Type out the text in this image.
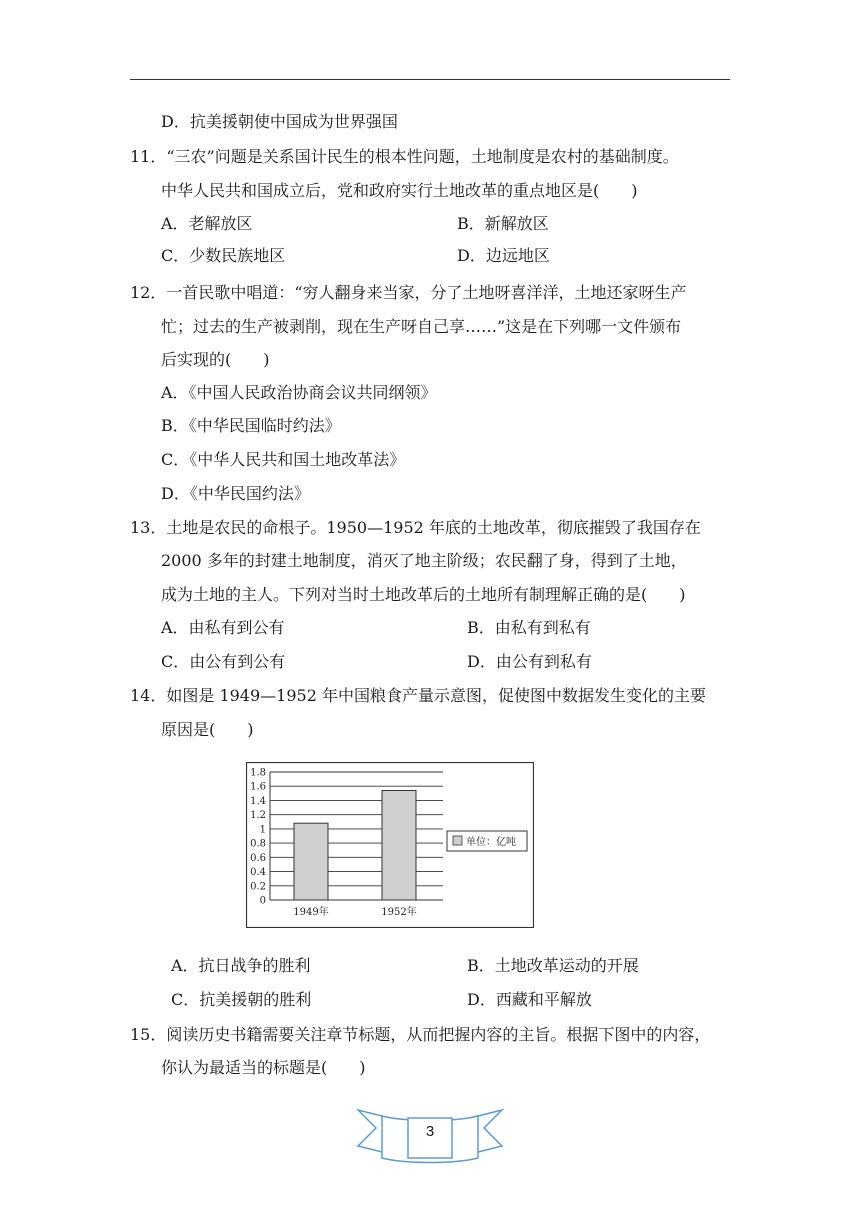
D．抗美援朝使中国成为世界强国
11．“三农”问题是关系国计民生的根本性问题，土地制度是农村的基础制度。
中华人民共和国成立后，党和政府实行土地改革的重点地区是(　　)
A．老解放区	B．新解放区
C．少数民族地区	D．边远地区
12．一首民歌中唱道：“穷人翻身来当家，分了土地呀喜洋洋，土地还家呀生产
忙；过去的生产被剥削，现在生产呀自己享……”这是在下列哪一文件颁布
后实现的(　　)
A．《中国人民政治协商会议共同纲领》
B．《中华民国临时约法》
C．《中华人民共和国土地改革法》
D．《中华民国约法》
13．土地是农民的命根子。1950—1952 年底的土地改革，彻底摧毁了我国存在
2000 多年的封建土地制度，消灭了地主阶级；农民翻了身，得到了土地，
成为土地的主人。下列对当时土地改革后的土地所有制理解正确的是(　　)
A．由私有到公有	B．由私有到私有
C．由公有到公有	D．由公有到私有
14．如图是 1949—1952 年中国粮食产量示意图，促使图中数据发生变化的主要
原因是(　　)
0
0.2
0.4
0.6
0.8
1
1.2
1.4
1.6
1.8
1949年	1952年
单位：亿吨
A．抗日战争的胜利	B．土地改革运动的开展
C．抗美援朝的胜利	D．西藏和平解放
15．阅读历史书籍需要关注章节标题，从而把握内容的主旨。根据下图中的内容，
你认为最适当的标题是(　　)
3
